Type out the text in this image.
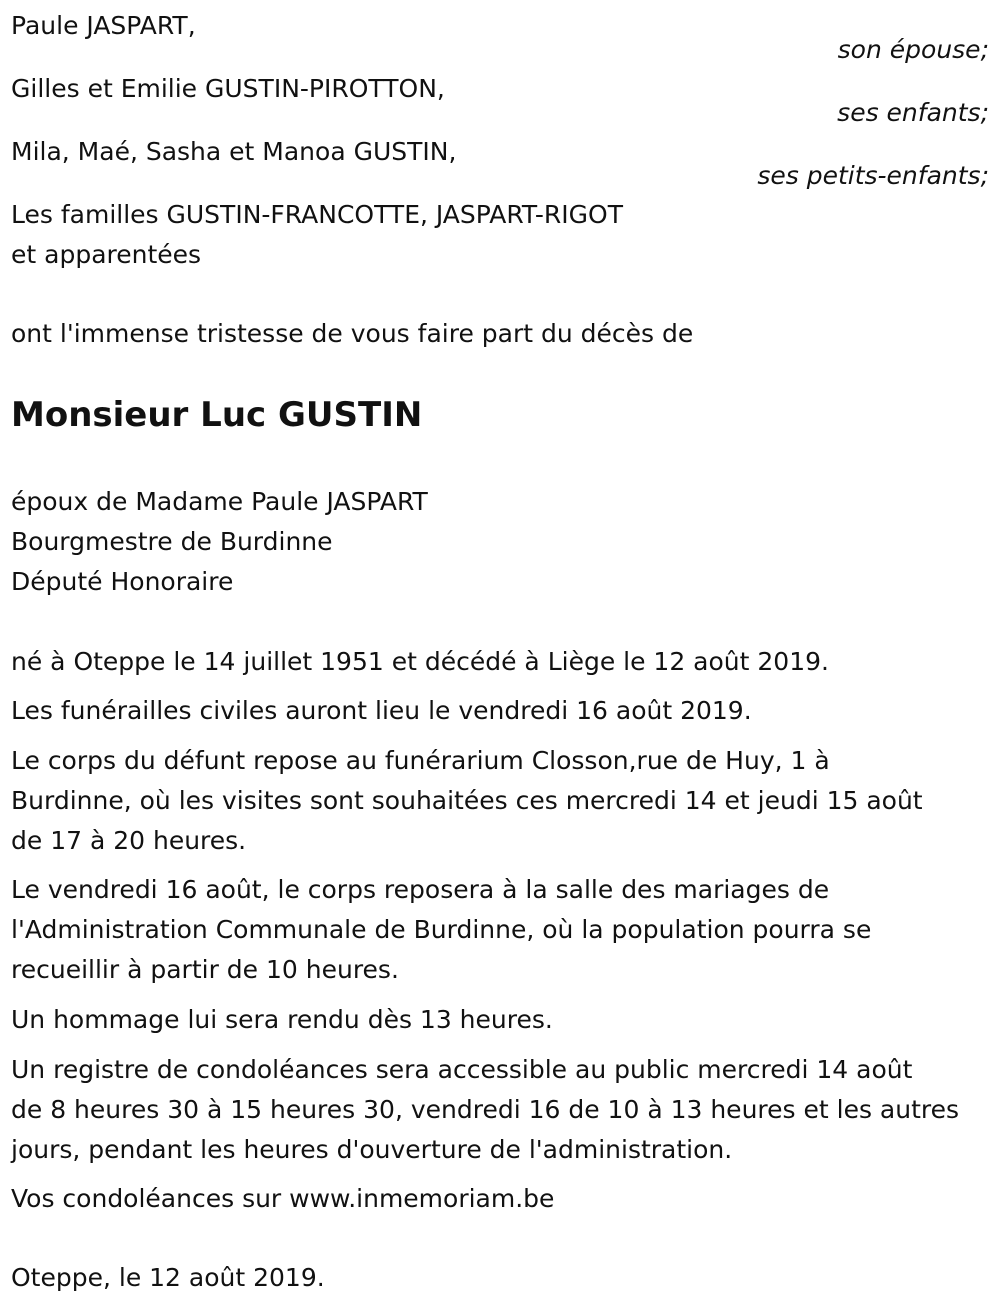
Paule JASPART,
son épouse;
Gilles et Emilie GUSTIN-PIROTTON,
ses enfants;
Mila, Maé, Sasha et Manoa GUSTIN,
ses petits-enfants;
Les familles GUSTIN-FRANCOTTE, JASPART-RIGOT
et apparentées
ont l'immense tristesse de vous faire part du décès de
Monsieur Luc GUSTIN
époux de Madame Paule JASPART
Bourgmestre de Burdinne
Député Honoraire
né à Oteppe le 14 juillet 1951 et décédé à Liège le 12 août 2019.
Les funérailles civiles auront lieu le vendredi 16 août 2019.
Le corps du défunt repose au funérarium Closson,rue de Huy, 1 à
Burdinne, où les visites sont souhaitées ces mercredi 14 et jeudi 15 août
de 17 à 20 heures.
Le vendredi 16 août, le corps reposera à la salle des mariages de
l'Administration Communale de Burdinne, où la population pourra se
recueillir à partir de 10 heures.
Un hommage lui sera rendu dès 13 heures.
Un registre de condoléances sera accessible au public mercredi 14 août
de 8 heures 30 à 15 heures 30, vendredi 16 de 10 à 13 heures et les autres
jours, pendant les heures d'ouverture de l'administration.
Vos condoléances sur www.inmemoriam.be
Oteppe, le 12 août 2019.
